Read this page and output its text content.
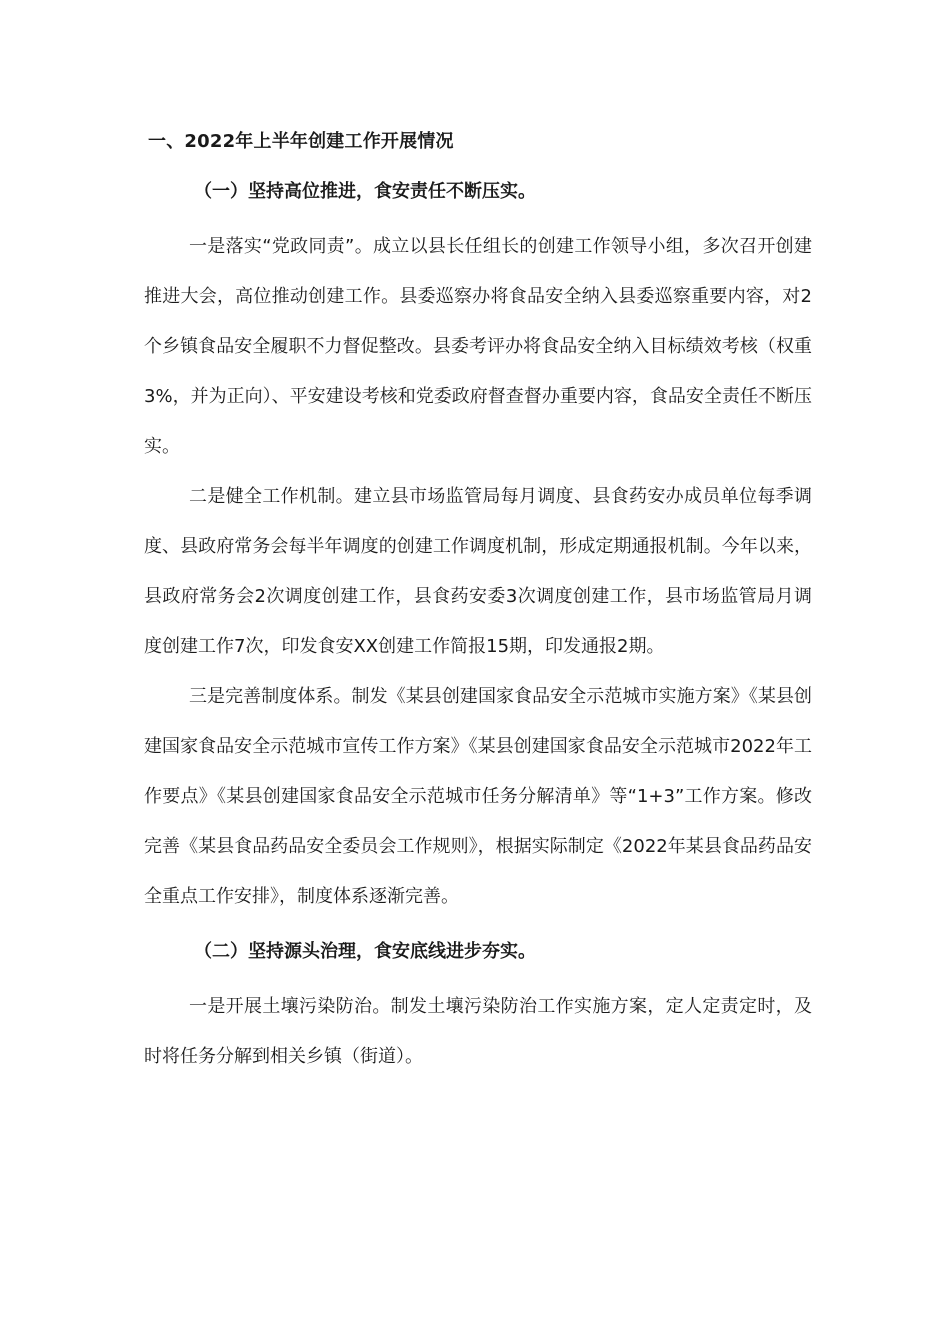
一、2022年上半年创建工作开展情况
（一）坚持高位推进，食安责任不断压实。

一是落实“党政同责”。成立以县长任组长的创建工作领导小组，多次召开创建推进大会，高位推动创建工作。县委巡察办将食品安全纳入县委巡察重要内容，对2个乡镇食品安全履职不力督促整改。县委考评办将食品安全纳入目标绩效考核（权重3%，并为正向）、平安建设考核和党委政府督查督办重要内容，食品安全责任不断压实。

二是健全工作机制。建立县市场监管局每月调度、县食药安办成员单位每季调度、县政府常务会每半年调度的创建工作调度机制，形成定期通报机制。今年以来，县政府常务会2次调度创建工作，县食药安委3次调度创建工作，县市场监管局月调度创建工作7次，印发食安XX创建工作简报15期，印发通报2期。

三是完善制度体系。制发《某县创建国家食品安全示范城市实施方案》《某县创建国家食品安全示范城市宣传工作方案》《某县创建国家食品安全示范城市2022年工作要点》《某县创建国家食品安全示范城市任务分解清单》等“1+3”工作方案。修改完善《某县食品药品安全委员会工作规则》，根据实际制定《2022年某县食品药品安全重点工作安排》，制度体系逐渐完善。

（二）坚持源头治理，食安底线进步夯实。

一是开展土壤污染防治。制发土壤污染防治工作实施方案，定人定责定时，及时将任务分解到相关乡镇（街道）。
